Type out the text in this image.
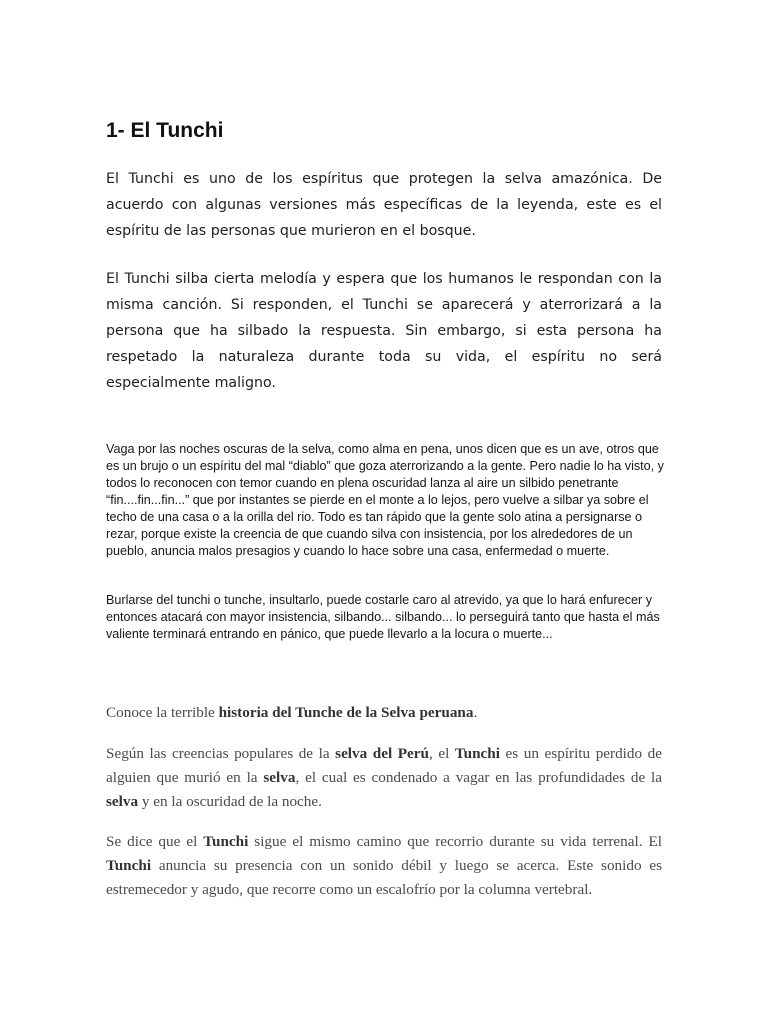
1- El Tunchi

El Tunchi es uno de los espíritus que protegen la selva amazónica. De acuerdo con algunas versiones más específicas de la leyenda, este es el espíritu de las personas que murieron en el bosque.

El Tunchi silba cierta melodía y espera que los humanos le respondan con la misma canción. Si responden, el Tunchi se aparecerá y aterrorizará a la persona que ha silbado la respuesta. Sin embargo, si esta persona ha respetado la naturaleza durante toda su vida, el espíritu no será especialmente maligno.

Vaga por las noches oscuras de la selva, como alma en pena, unos dicen que es un ave, otros que es un brujo o un espíritu del mal “diablo” que goza aterrorizando a la gente. Pero nadie lo ha visto, y todos lo reconocen con temor cuando en plena oscuridad lanza al aire un silbido penetrante “fin....fin...fin...” que por instantes se pierde en el monte a lo lejos, pero vuelve a silbar ya sobre el techo de una casa o a la orilla del rio. Todo es tan rápido que la gente solo atina a persignarse o rezar, porque existe la creencia de que cuando silva con insistencia, por los alrededores de un pueblo, anuncia malos presagios y cuando lo hace sobre una casa, enfermedad o muerte.

Burlarse del tunchi o tunche, insultarlo, puede costarle caro al atrevido, ya que lo hará enfurecer y entonces atacará con mayor insistencia, silbando... silbando... lo perseguirá tanto que hasta el más valiente terminará entrando en pánico, que puede llevarlo a la locura o muerte...

Conoce la terrible historia del Tunche de la Selva peruana.

Según las creencias populares de la selva del Perú, el Tunchi es un espíritu perdido de alguien que murió en la selva, el cual es condenado a vagar en las profundidades de la selva y en la oscuridad de la noche.

Se dice que el Tunchi sigue el mismo camino que recorrio durante su vida terrenal. El Tunchi anuncia su presencia con un sonido débil y luego se acerca. Este sonido es estremecedor y agudo, que recorre como un escalofrío por la columna vertebral.
